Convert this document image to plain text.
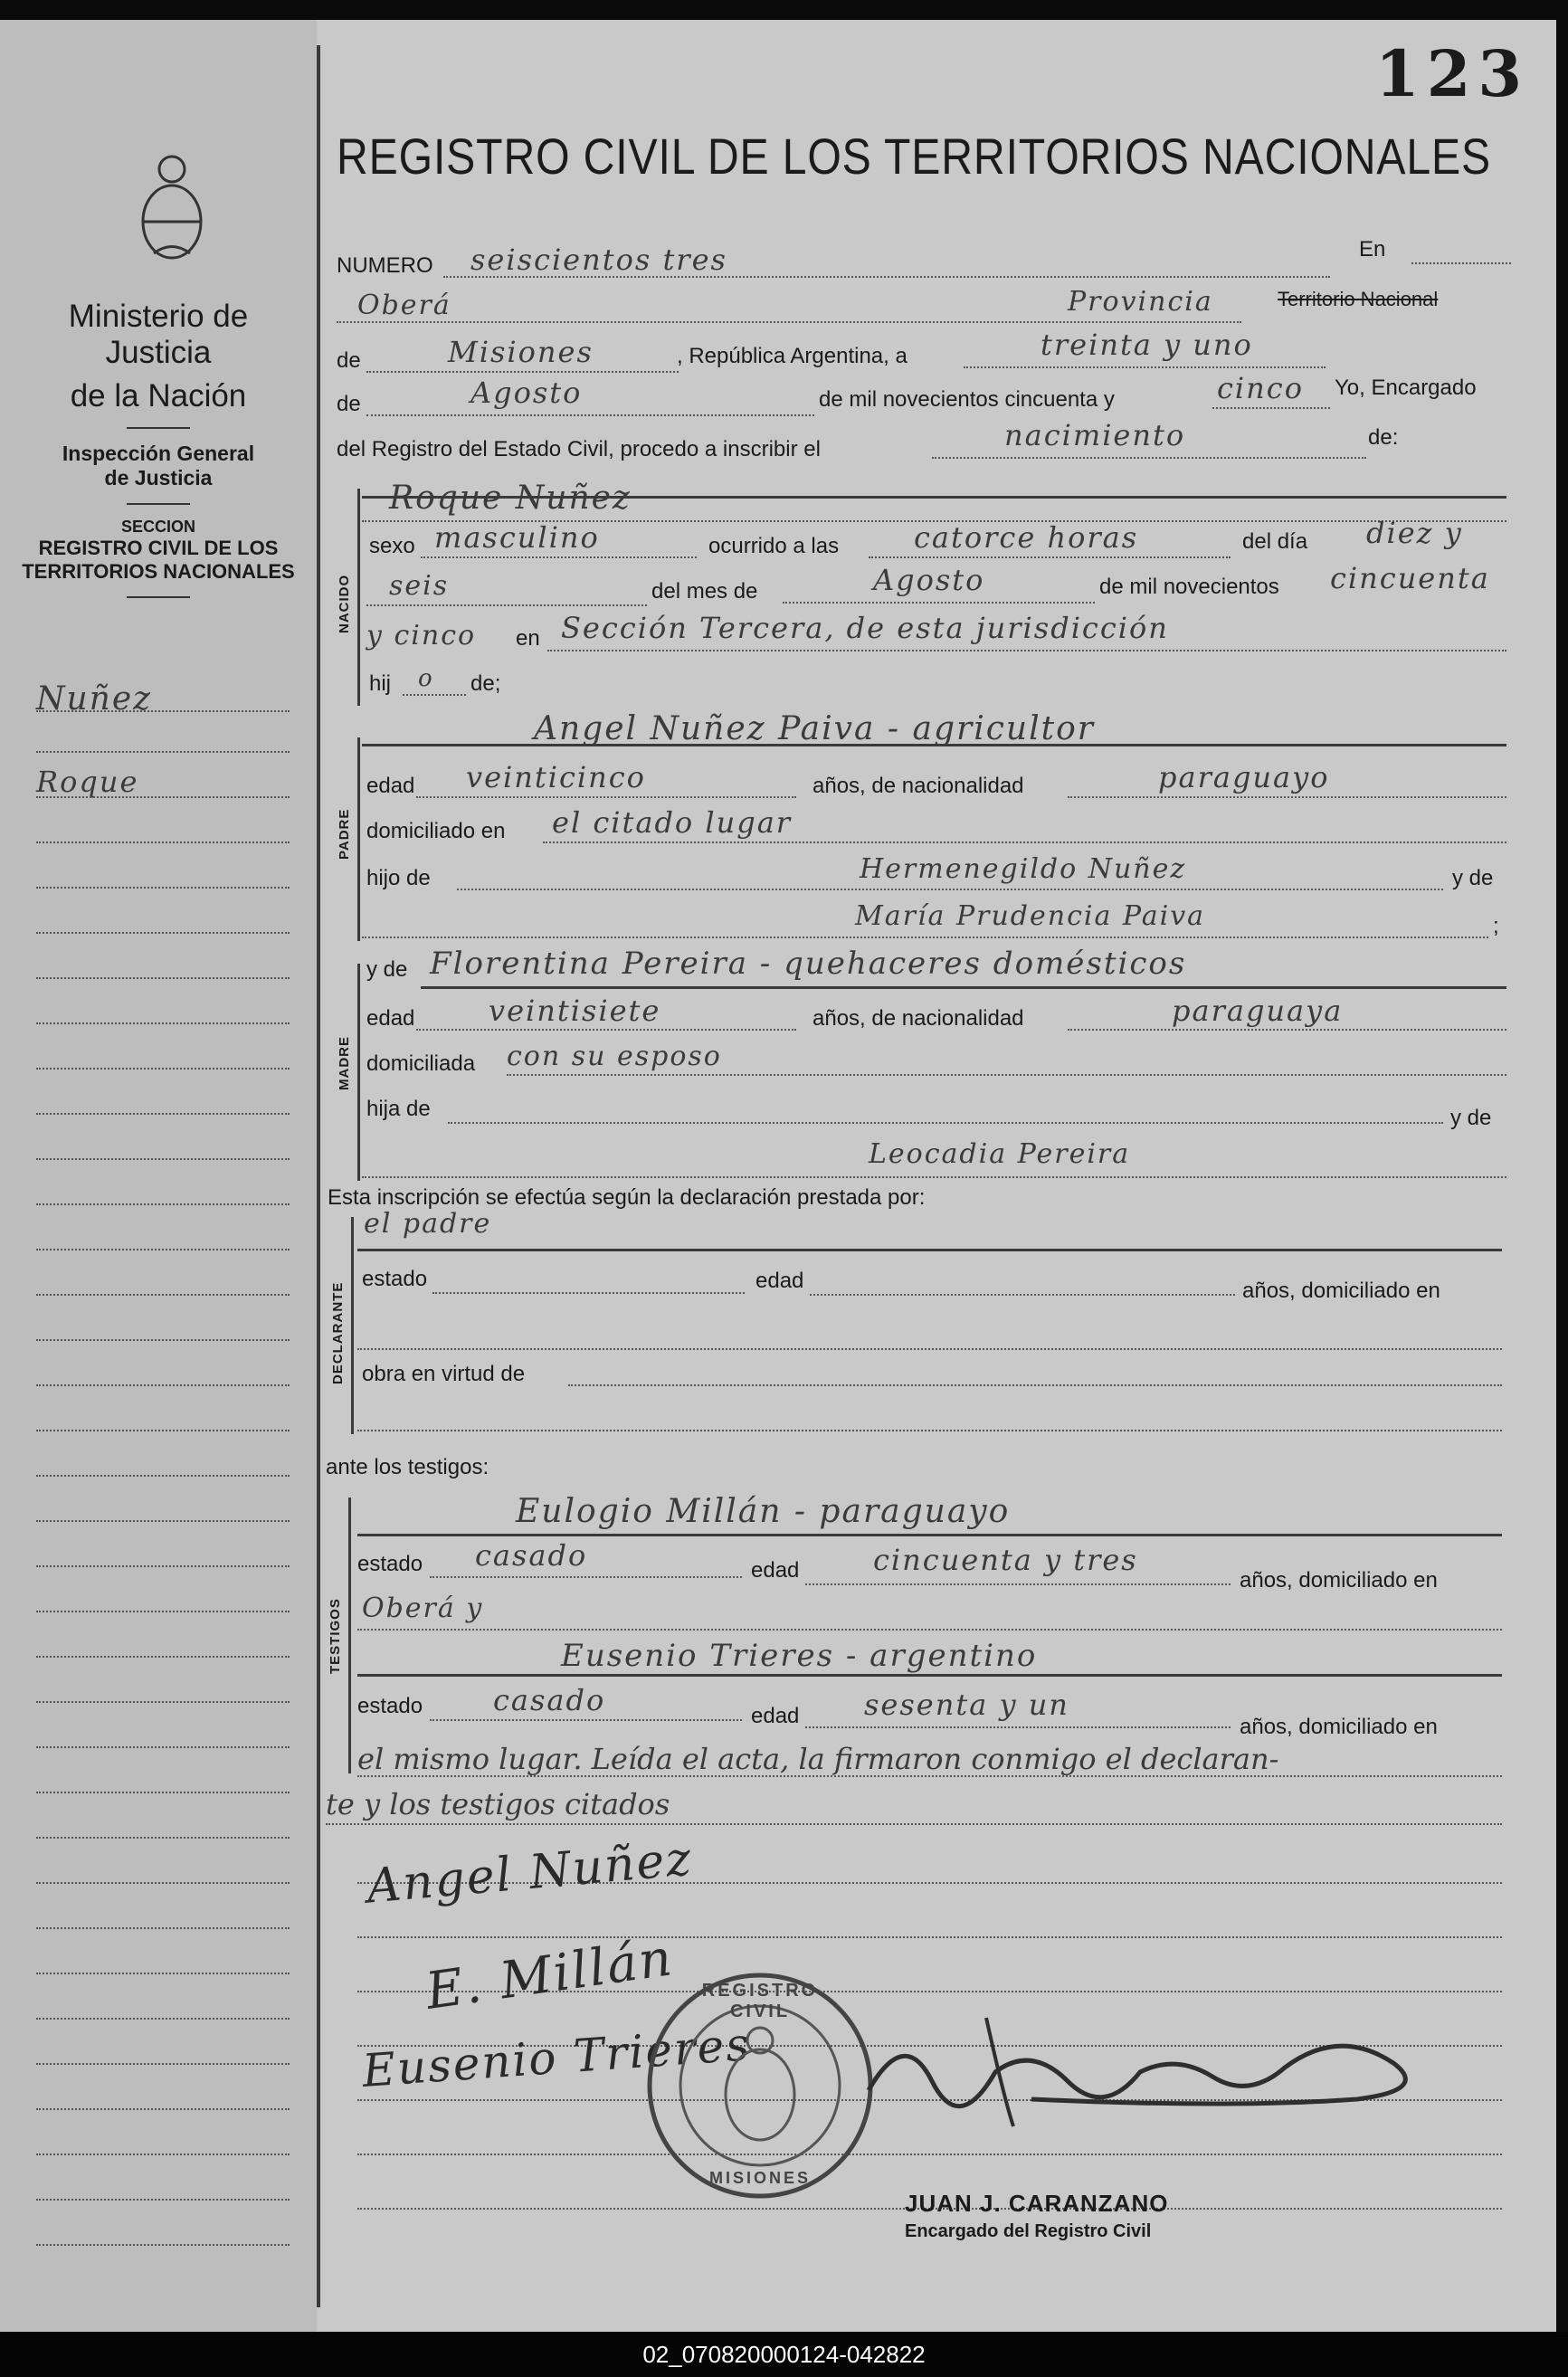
Ministerio de Justicia
de la Nación
Inspección General
de Justicia
SECCION
REGISTRO CIVIL DE LOS
TERRITORIOS NACIONALES
Nuñez
Roque
123
REGISTRO CIVIL DE LOS TERRITORIOS NACIONALES
NUMERO seiscientos tres	En
Oberá	Provincia	Territorio Nacional
de	Misiones	, República Argentina, a	treinta y uno
de	Agosto	de mil novecientos cincuenta y	cinco Yo, Encargado
del Registro del Estado Civil, procedo a inscribir el	nacimiento	de:
NACIDO
Roque Nuñez
sexo masculino	ocurrido a las	catorce horas	del día diez y
seis	del mes de	Agosto	de mil novecientos cincuenta
y cinco en Sección Tercera, de esta jurisdicción
hij o de;
PADRE
Angel Nuñez Paiva - agricultor
edad veinticinco	años, de nacionalidad	paraguayo
domiciliado en el citado lugar
hijo de	Hermenegildo Nuñez	y de
María Prudencia Paiva	;
MADRE
y de Florentina Pereira - quehaceres domésticos
edad	veintisiete	años, de nacionalidad	paraguaya
domiciliada con su esposo
hija de	y de
Leocadia Pereira
Esta inscripción se efectúa según la declaración prestada por:
DECLARANTE
el padre
estado	edad	años, domiciliado en
obra en virtud de
ante los testigos:
TESTIGOS
Eulogio Millán - paraguayo
estado casado	edad	cincuenta y tres
años, domiciliado en
Oberá y
Eusenio Trieres - argentino
estado casado	edad sesenta y un
años, domiciliado en
el mismo lugar. Leída el acta, la firmaron conmigo el declaran-
te y los testigos citados
Angel Nuñez
E. Millán
Eusenio Trieres
REGISTRO CIVIL
MISIONES
JUAN J. CARANZANO
Encargado del Registro Civil
02_070820000124-042822
